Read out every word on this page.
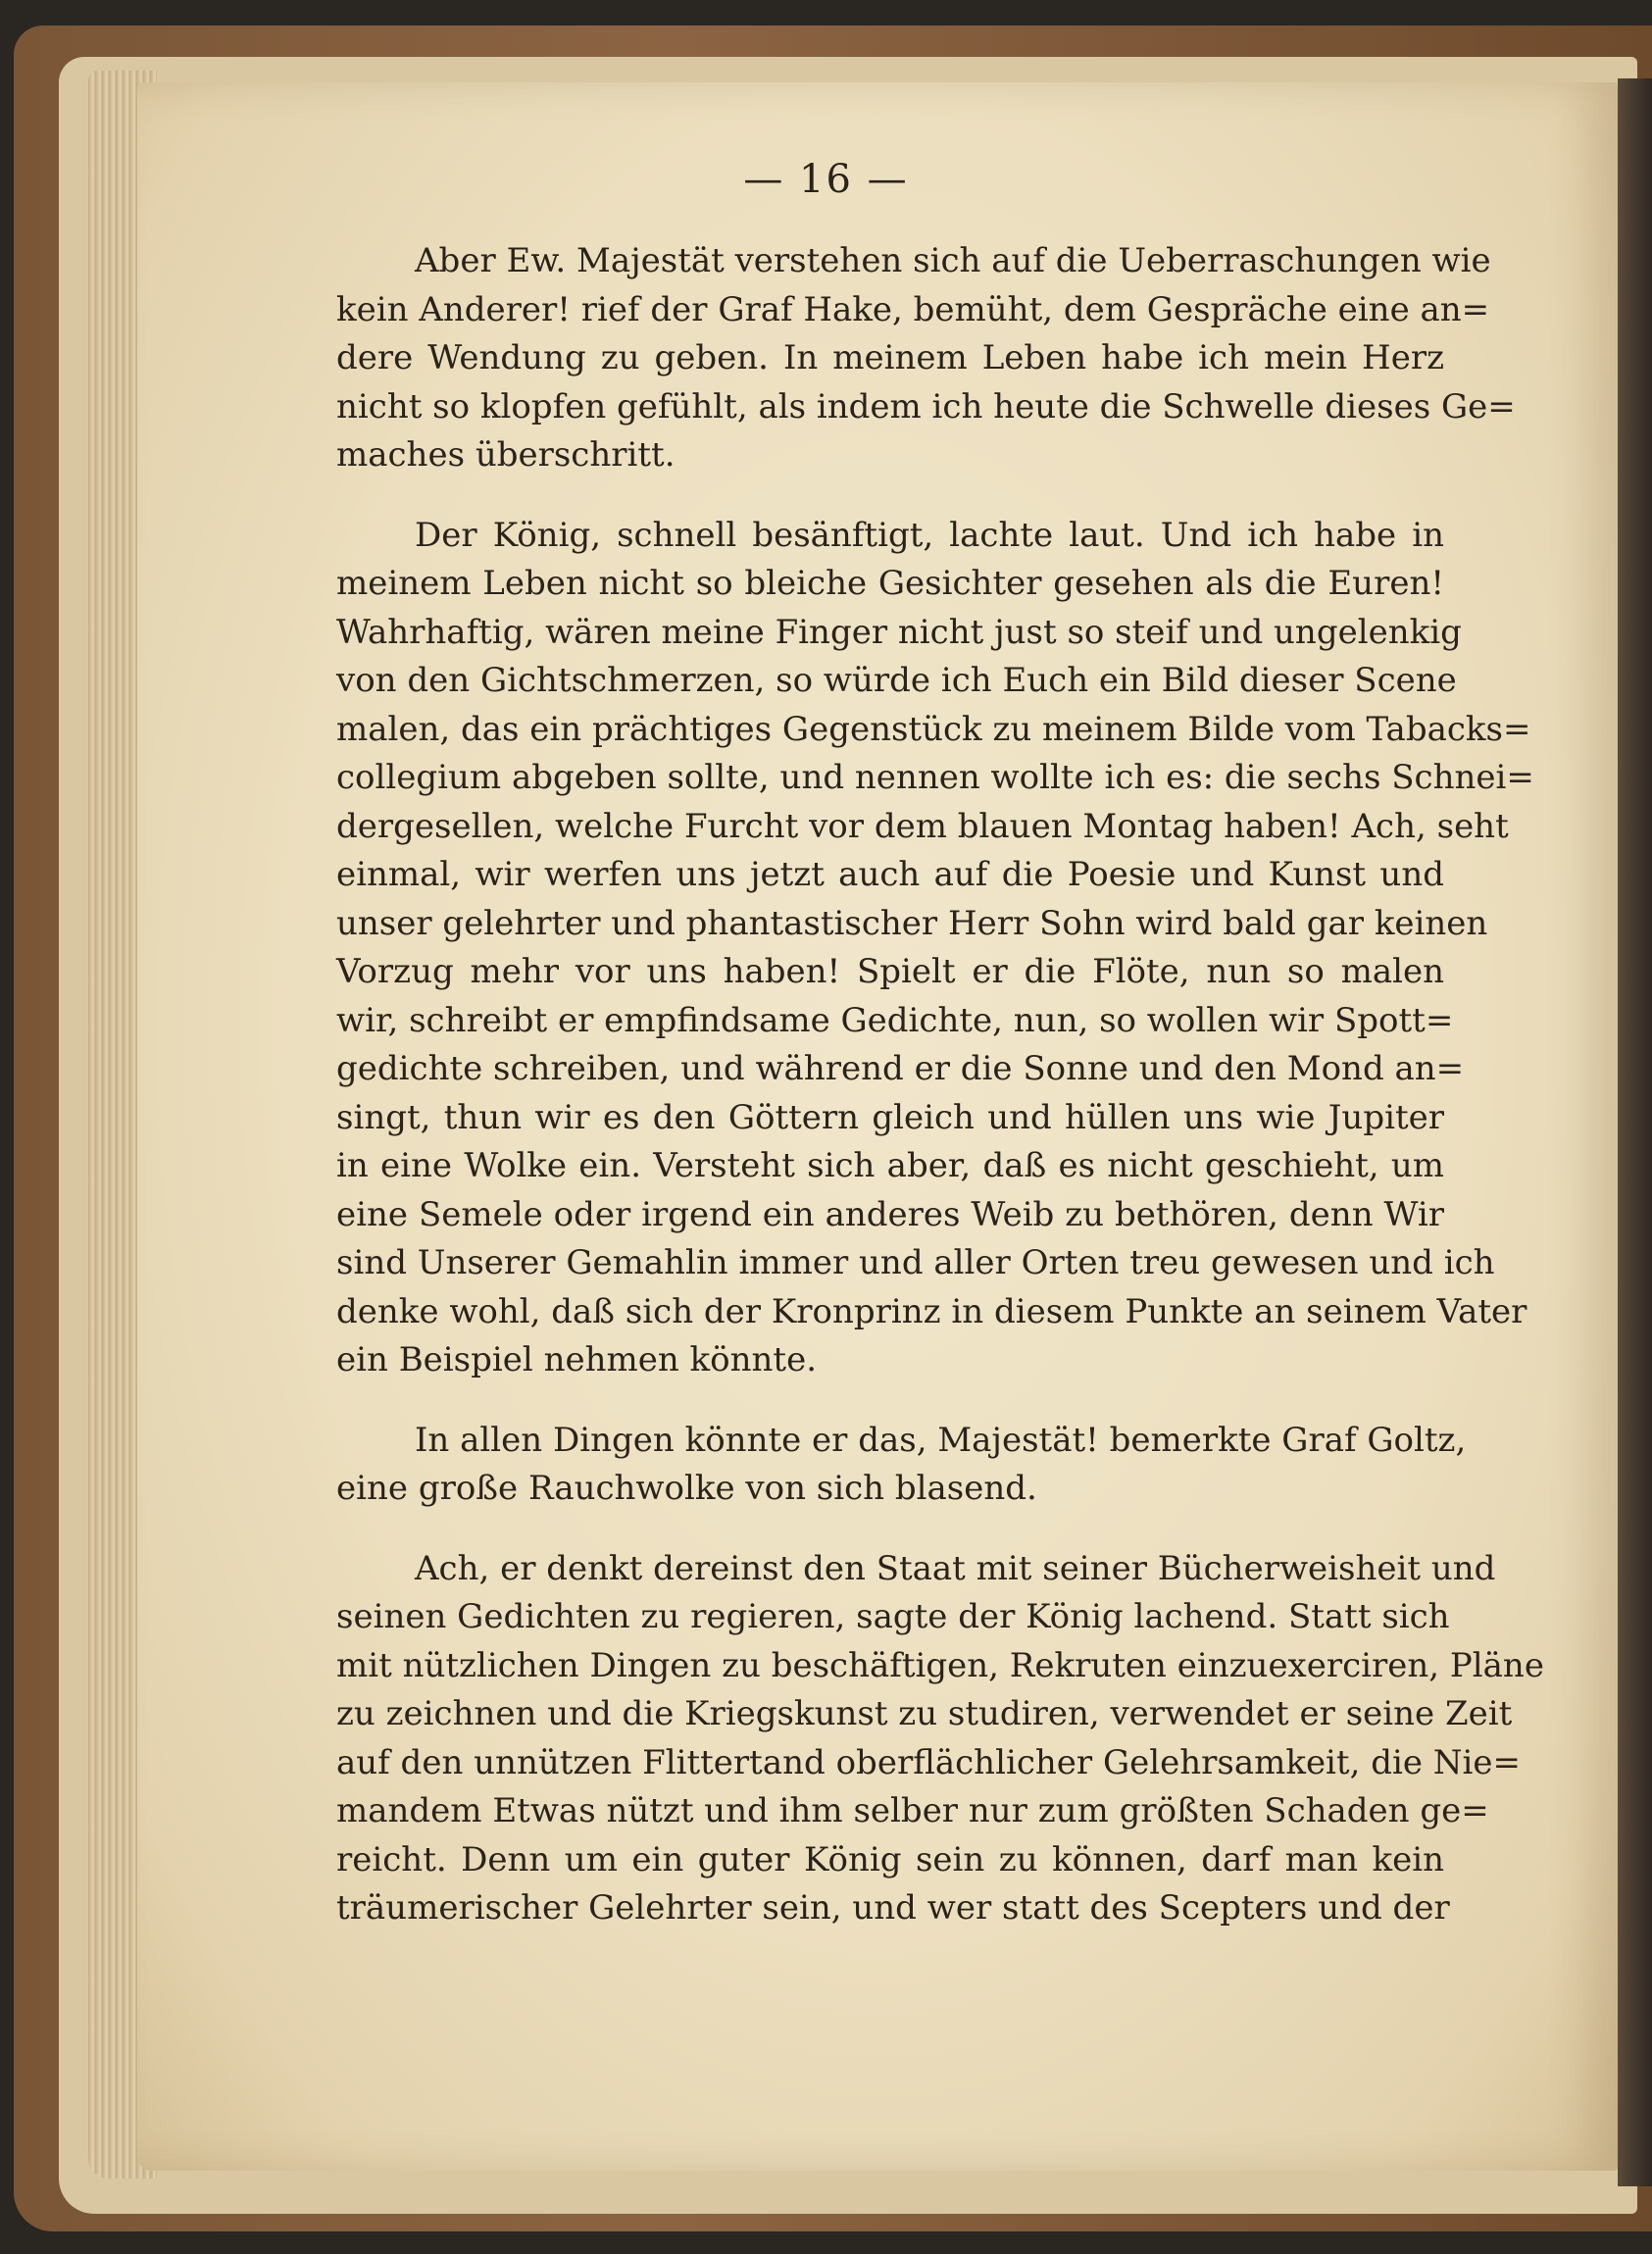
— 16 —
Aber Ew. Majestät verstehen sich auf die Ueberraschungen wie
kein Anderer! rief der Graf Hake, bemüht, dem Gespräche eine an=
dere Wendung zu geben. In meinem Leben habe ich mein Herz
nicht so klopfen gefühlt, als indem ich heute die Schwelle dieses Ge=
maches überschritt.
Der König, schnell besänftigt, lachte laut. Und ich habe in
meinem Leben nicht so bleiche Gesichter gesehen als die Euren!
Wahrhaftig, wären meine Finger nicht just so steif und ungelenkig
von den Gichtschmerzen, so würde ich Euch ein Bild dieser Scene
malen, das ein prächtiges Gegenstück zu meinem Bilde vom Tabacks=
collegium abgeben sollte, und nennen wollte ich es: die sechs Schnei=
dergesellen, welche Furcht vor dem blauen Montag haben! Ach, seht
einmal, wir werfen uns jetzt auch auf die Poesie und Kunst und
unser gelehrter und phantastischer Herr Sohn wird bald gar keinen
Vorzug mehr vor uns haben! Spielt er die Flöte, nun so malen
wir, schreibt er empfindsame Gedichte, nun, so wollen wir Spott=
gedichte schreiben, und während er die Sonne und den Mond an=
singt, thun wir es den Göttern gleich und hüllen uns wie Jupiter
in eine Wolke ein. Versteht sich aber, daß es nicht geschieht, um
eine Semele oder irgend ein anderes Weib zu bethören, denn Wir
sind Unserer Gemahlin immer und aller Orten treu gewesen und ich
denke wohl, daß sich der Kronprinz in diesem Punkte an seinem Vater
ein Beispiel nehmen könnte.
In allen Dingen könnte er das, Majestät! bemerkte Graf Goltz,
eine große Rauchwolke von sich blasend.
Ach, er denkt dereinst den Staat mit seiner Bücherweisheit und
seinen Gedichten zu regieren, sagte der König lachend. Statt sich
mit nützlichen Dingen zu beschäftigen, Rekruten einzuexerciren, Pläne
zu zeichnen und die Kriegskunst zu studiren, verwendet er seine Zeit
auf den unnützen Flittertand oberflächlicher Gelehrsamkeit, die Nie=
mandem Etwas nützt und ihm selber nur zum größten Schaden ge=
reicht. Denn um ein guter König sein zu können, darf man kein
träumerischer Gelehrter sein, und wer statt des Scepters und der
